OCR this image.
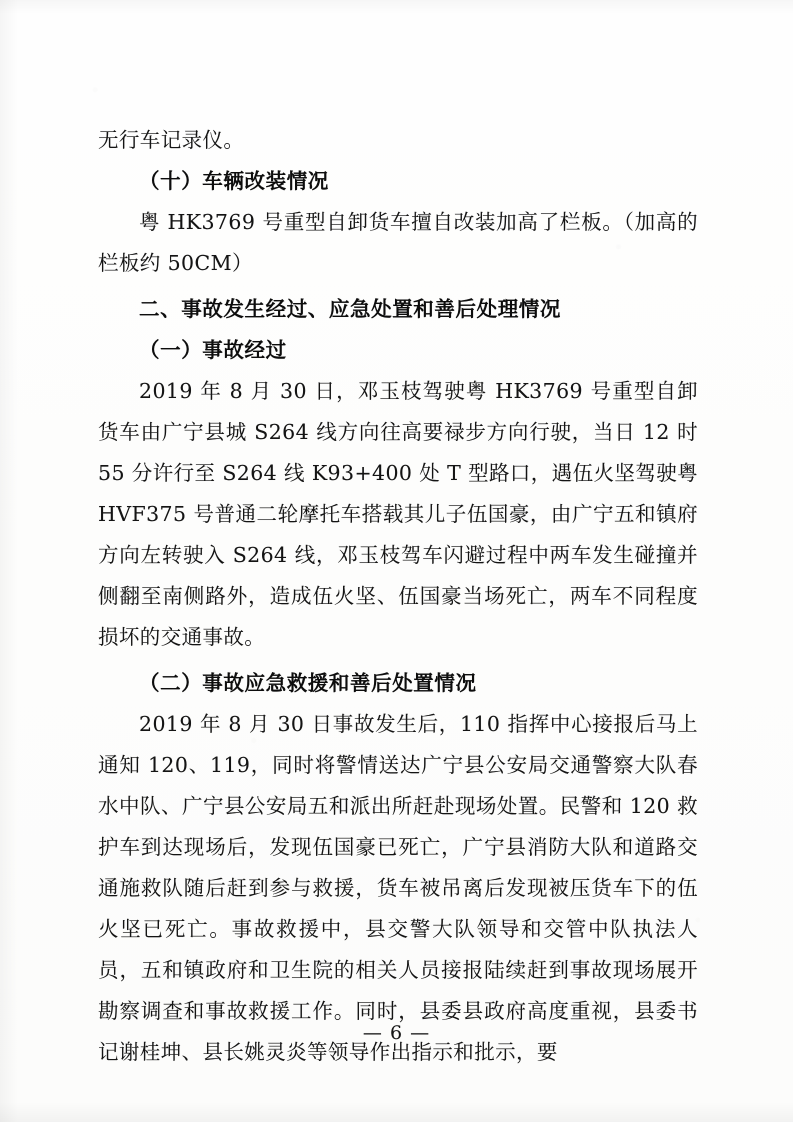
无行车记录仪。

（十）车辆改装情况

粤 HK3769 号重型自卸货车擅自改装加高了栏板。（加高的栏板约 50CM）

二、事故发生经过、应急处置和善后处理情况

（一）事故经过

2019 年 8 月 30 日，邓玉枝驾驶粤 HK3769 号重型自卸货车由广宁县城 S264 线方向往高要禄步方向行驶，当日 12 时 55 分许行至 S264 线 K93+400 处 T 型路口，遇伍火坚驾驶粤 HVF375 号普通二轮摩托车搭载其儿子伍国豪，由广宁五和镇府方向左转驶入 S264 线，邓玉枝驾车闪避过程中两车发生碰撞并侧翻至南侧路外，造成伍火坚、伍国豪当场死亡，两车不同程度损坏的交通事故。

（二）事故应急救援和善后处置情况

2019 年 8 月 30 日事故发生后，110 指挥中心接报后马上通知 120、119，同时将警情送达广宁县公安局交通警察大队春水中队、广宁县公安局五和派出所赶赴现场处置。民警和 120 救护车到达现场后，发现伍国豪已死亡，广宁县消防大队和道路交通施救队随后赶到参与救援，货车被吊离后发现被压货车下的伍火坚已死亡。事故救援中，县交警大队领导和交管中队执法人员，五和镇政府和卫生院的相关人员接报陆续赶到事故现场展开勘察调查和事故救援工作。同时，县委县政府高度重视，县委书记谢桂坤、县长姚灵炎等领导作出指示和批示，要

— 6 —
